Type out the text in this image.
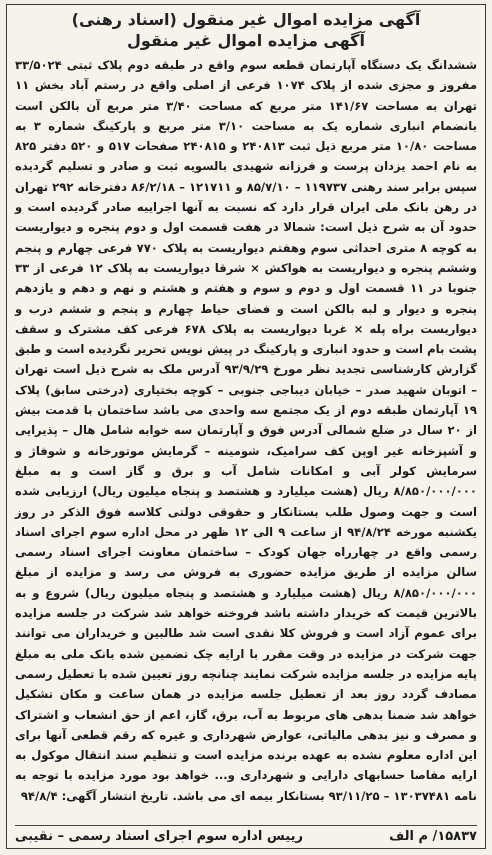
آگهی مزایده اموال غیر منقول (اسناد رهنی)

آگهی مزایده اموال غیر منقول

ششدانگ یک دستگاه آپارتمان قطعه سوم واقع در طبقه دوم پلاک ثبتی ۳۳/۵۰۲۴ مفروز و مجزی شده از پلاک ۱۰۷۴ فرعی از اصلی واقع در رستم آباد بخش ۱۱ تهران به مساحت ۱۴۱/۶۷ متر مربع که مساحت ۳/۴۰ متر مربع آن بالکن است بانضمام انباری شماره یک به مساحت ۳/۱۰ متر مربع و پارکینگ شماره ۳ به مساحت ۱۰/۸۰ متر مربع ذیل ثبت ۲۴۰۸۱۳ و ۲۴۰۸۱۵ صفحات ۵۱۷ و ۵۲۰ دفتر ۸۲۵ به نام احمد یزدان پرست و فرزانه شهیدی بالسویه ثبت و صادر و تسلیم گردیده سپس برابر سند رهنی ۱۱۹۷۳۷ – ۸۵/۷/۱۰ و ۱۲۱۷۱۱ – ۸۶/۲/۱۸ دفترخانه ۲۹۲ تهران در رهن بانک ملی ایران قرار دارد که نسبت به آنها اجراییه صادر گردیده است و حدود آن به شرح ذیل است: شمالا در هفت قسمت اول و دوم پنجره و دیواریست به کوچه ۸ متری احداثی سوم وهفتم دیواریست به پلاک ۷۷۰ فرعی چهارم و پنجم وششم پنجره و دیواریست به هواکش × شرقا دیواریست به پلاک ۱۲ فرعی از ۳۳ جنوبا در ۱۱ قسمت اول و دوم و سوم و هفتم و هشتم و نهم و دهم و یازدهم پنجره و دیوار و لبه بالکن است و فضای حیاط چهارم و پنجم و ششم درب و دیواریست براه پله × غربا دیواریست به پلاک ۶۷۸ فرعی کف مشترک و سقف پشت بام است و حدود انباری و پارکینگ در پیش نویس تحریر نگردیده است و طبق گزارش کارشناسی تجدید نظر مورخ ۹۳/۹/۲۹ آدرس ملک به شرح ذیل است تهران – اتوبان شهید صدر – خیابان دیباجی جنوبی – کوچه بختیاری (درختی سابق) پلاک ۱۹ آپارتمان طبقه دوم از یک مجتمع سه واحدی می باشد ساختمان با قدمت بیش از ۲۰ سال در ضلع شمالی آدرس فوق و آپارتمان سه خوابه شامل هال – پذیرایی و آشپزخانه غیر اوپن کف سرامیک، شومینه – گرمایش موتورخانه و شوفاژ و سرمایش کولر آبی و امکانات شامل آب و برق و گاز است و به مبلغ ۸/۸۵۰/۰۰۰/۰۰۰ ریال (هشت میلیارد و هشتصد و پنجاه میلیون ریال) ارزیابی شده است و جهت وصول طلب بستانکار و حقوقی دولتی کلاسه فوق الذکر در روز یکشنبه مورخه ۹۴/۸/۲۴ از ساعت ۹ الی ۱۲ ظهر در محل اداره سوم اجرای اسناد رسمی واقع در چهارراه جهان کودک – ساختمان معاونت اجرای اسناد رسمی سالن مزایده از طریق مزایده حضوری به فروش می رسد و مزایده از مبلغ ۸/۸۵۰/۰۰۰/۰۰۰ ریال (هشت میلیارد و هشتصد و پنجاه میلیون ریال) شروع و به بالاترین قیمت که خریدار داشته باشد فروخته خواهد شد شرکت در جلسه مزایده برای عموم آزاد است و فروش کلا نقدی است شد طالبین و خریداران می توانند جهت شرکت در مزایده در وقت مقرر با ارایه چک تضمین شده بانک ملی به مبلغ پایه مزایده در جلسه مزایده شرکت نمایند چنانچه روز تعیین شده با تعطیل رسمی مصادف گردد روز بعد از تعطیل جلسه مزایده در همان ساعت و مکان تشکیل خواهد شد ضمنا بدهی های مربوط به آب، برق، گاز، اعم از حق انشعاب و اشتراک و مصرف و نیز بدهی مالیاتی، عوارض شهرداری و غیره که رقم قطعی آنها برای این اداره معلوم نشده به عهده برنده مزایده است و تنظیم سند انتقال موکول به ارایه مفاصا حسابهای دارایی و شهرداری و... خواهد بود مورد مزایده با توجه به نامه ۱۳۰۳۷۴۸۱ – ۹۳/۱۱/۲۵ بستانکار بیمه ای می باشد. تاریخ انتشار آگهی: ۹۴/۸/۴

۱۵۸۳۷/ م الف
رییس اداره سوم اجرای اسناد رسمی – نقیبی
